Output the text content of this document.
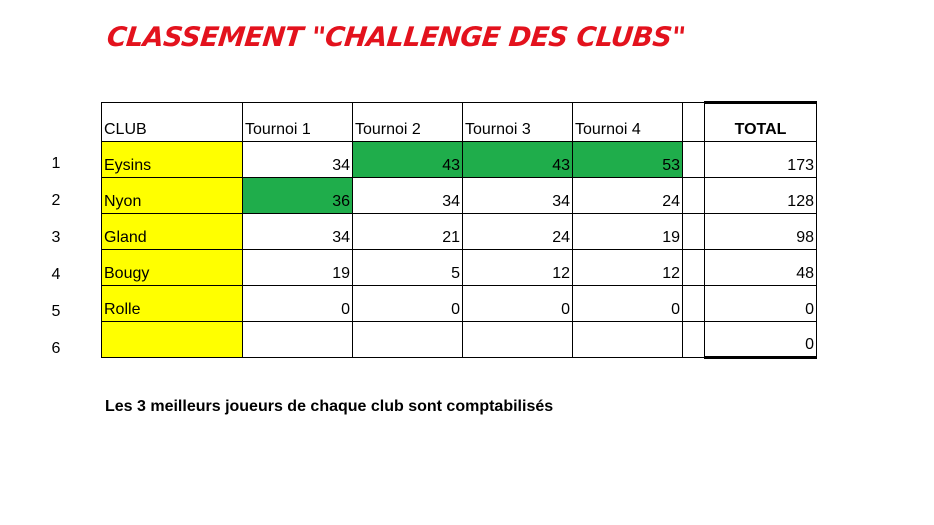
CLASSEMENT "CHALLENGE DES CLUBS"
1
2
3
4
5
6
CLUB	Tournoi 1	Tournoi 2	Tournoi 3	Tournoi 4		TOTAL
Eysins	34	43	43	53		173
Nyon	36	34	34	24		128
Gland	34	21	24	19		98
Bougy	19	5	12	12		48
Rolle	0	0	0	0		0
						0
Les 3 meilleurs joueurs de chaque club sont comptabilisés
